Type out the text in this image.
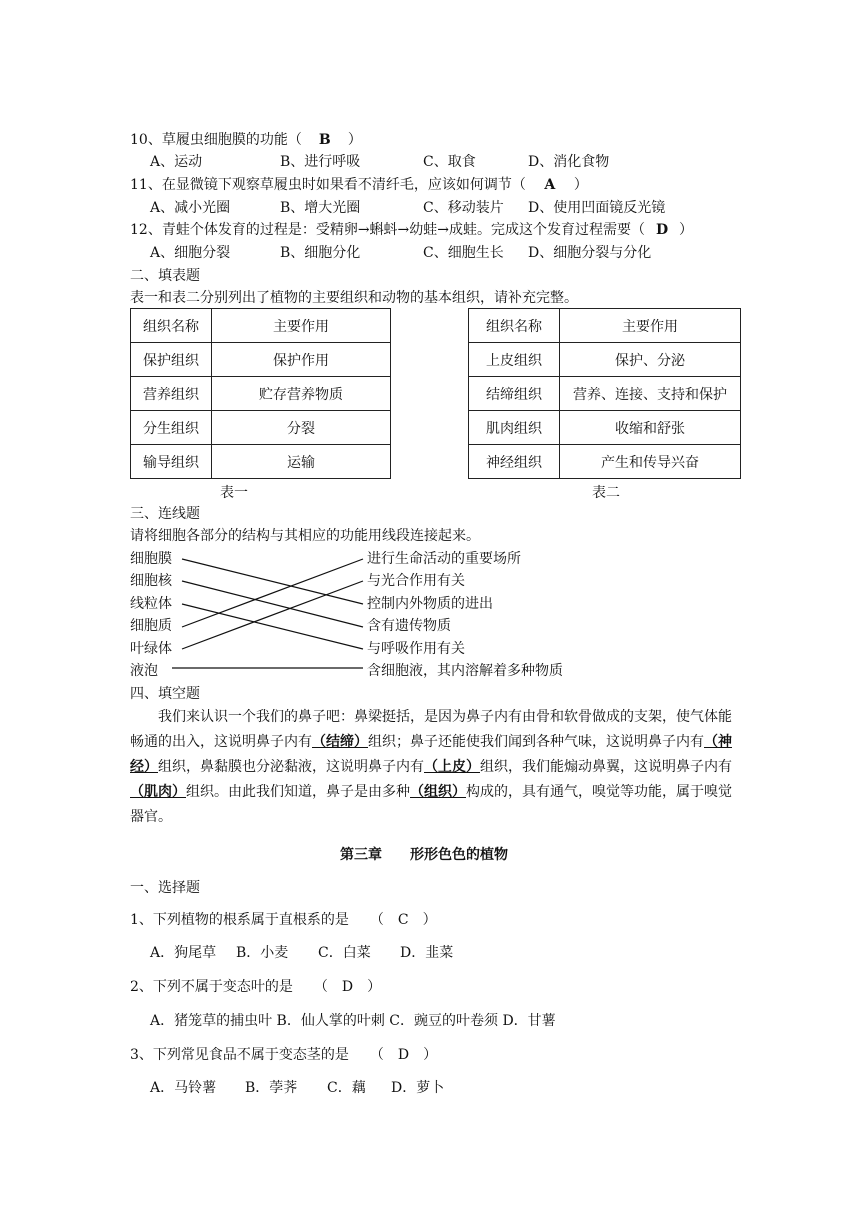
10、草履虫细胞膜的功能（ B ）
A、运动	B、进行呼吸	C、取食	D、消化食物
11、在显微镜下观察草履虫时如果看不清纤毛，应该如何调节（ A ）
A、减小光圈	B、增大光圈	C、移动装片 D、使用凹面镜反光镜
12、青蛙个体发育的过程是：受精卵→蝌蚪→幼蛙→成蛙。完成这个发育过程需要（ D ）
A、细胞分裂	B、细胞分化	C、细胞生长 D、细胞分裂与分化
二、填表题
表一和表二分别列出了植物的主要组织和动物的基本组织，请补充完整。
组织名称	主要作用
保护组织	保护作用
营养组织	贮存营养物质
分生组织	分裂
输导组织	运输
表一
组织名称	主要作用
上皮组织	保护、分泌
结缔组织	营养、连接、支持和保护
肌肉组织	收缩和舒张
神经组织	产生和传导兴奋
表二
三、连线题
请将细胞各部分的结构与其相应的功能用线段连接起来。
细胞膜
细胞核
线粒体
细胞质
叶绿体
液泡
进行生命活动的重要场所
与光合作用有关
控制内外物质的进出
含有遗传物质
与呼吸作用有关
含细胞液，其内溶解着多种物质
四、填空题
我们来认识一个我们的鼻子吧：鼻梁挺括，是因为鼻子内有由骨和软骨做成的支架，使气体能畅通的出入，这说明鼻子内有（结缔）组织；鼻子还能使我们闻到各种气味，这说明鼻子内有（神经）组织，鼻黏膜也分泌黏液，这说明鼻子内有（上皮）组织，我们能煽动鼻翼，这说明鼻子内有（肌肉）组织。由此我们知道，鼻子是由多种（组织）构成的，具有通气，嗅觉等功能，属于嗅觉器官。
第三章　　形形色色的植物
一、选择题
1、下列植物的根系属于直根系的是　　（　C　）
A．狗尾草 B．小麦 C．白菜 D．韭菜
2、下列不属于变态叶的是　　（　D　）
A．猪笼草的捕虫叶 B．仙人掌的叶刺 C．豌豆的叶卷须 D．甘薯
3、下列常见食品不属于变态茎的是　　（　D　）
A．马铃薯 B．荸荠 C．藕 D．萝卜
